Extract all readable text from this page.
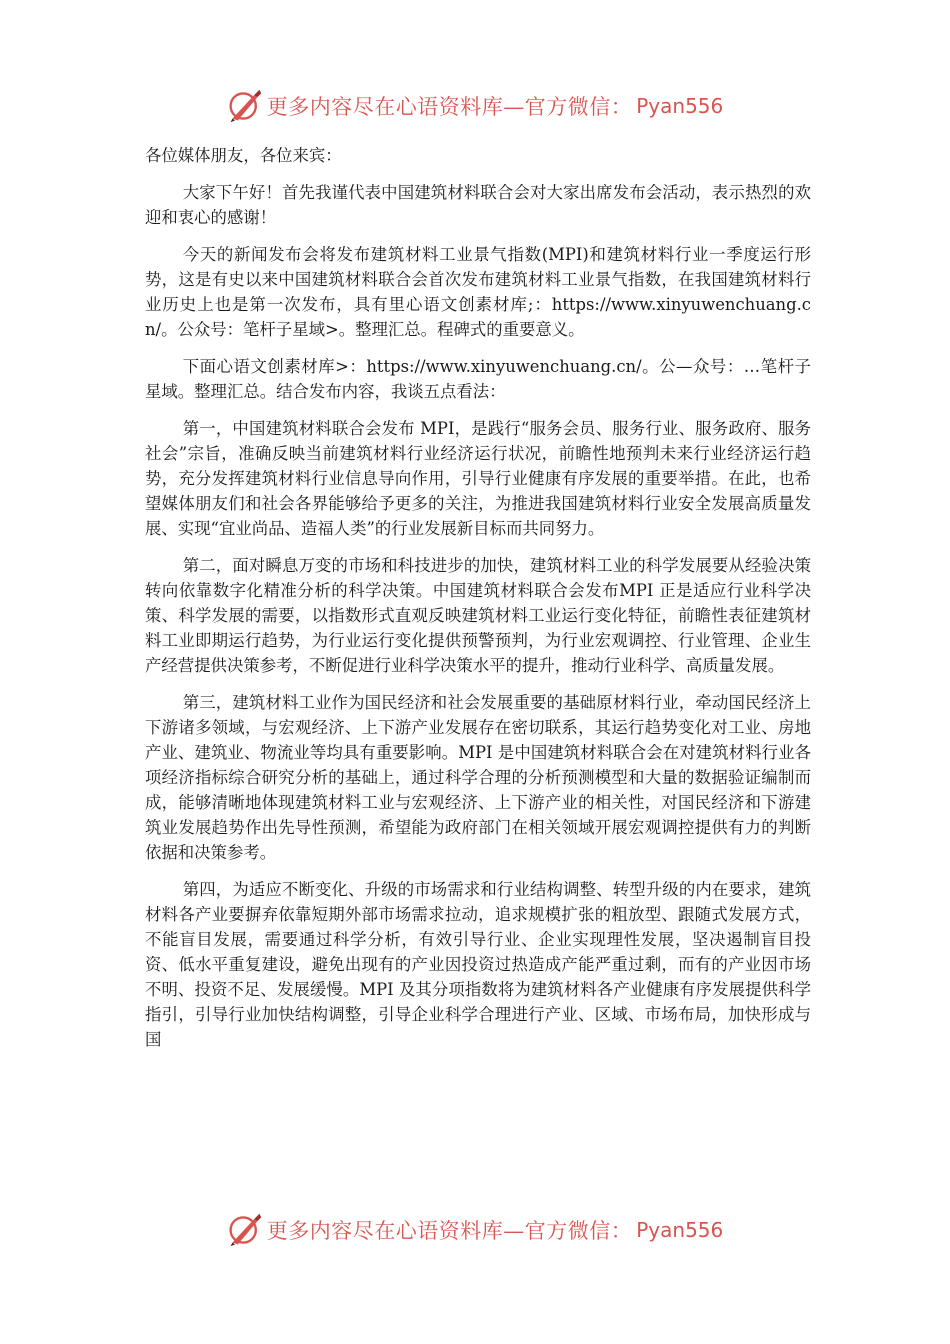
更多内容尽在心语资料库—官方微信： Pyan556

各位媒体朋友，各位来宾：

大家下午好！首先我谨代表中国建筑材料联合会对大家出席发布会活动，表示热烈的欢迎和衷心的感谢！

今天的新闻发布会将发布建筑材料工业景气指数(MPI)和建筑材料行业一季度运行形势，这是有史以来中国建筑材料联合会首次发布建筑材料工业景气指数，在我国建筑材料行业历史上也是第一次发布，具有里心语文创素材库;：https://www.xinyuwenchuang.cn/。公众号：笔杆子星域>。整理汇总。程碑式的重要意义。

下面心语文创素材库>：https://www.xinyuwenchuang.cn/。公—众号：…笔杆子星域。整理汇总。结合发布内容，我谈五点看法：

第一，中国建筑材料联合会发布 MPI，是践行“服务会员、服务行业、服务政府、服务社会”宗旨，准确反映当前建筑材料行业经济运行状况，前瞻性地预判未来行业经济运行趋势，充分发挥建筑材料行业信息导向作用，引导行业健康有序发展的重要举措。在此，也希望媒体朋友们和社会各界能够给予更多的关注，为推进我国建筑材料行业安全发展高质量发展、实现“宜业尚品、造福人类”的行业发展新目标而共同努力。

第二，面对瞬息万变的市场和科技进步的加快，建筑材料工业的科学发展要从经验决策转向依靠数字化精准分析的科学决策。中国建筑材料联合会发布MPI 正是适应行业科学决策、科学发展的需要，以指数形式直观反映建筑材料工业运行变化特征，前瞻性表征建筑材料工业即期运行趋势，为行业运行变化提供预警预判，为行业宏观调控、行业管理、企业生产经营提供决策参考，不断促进行业科学决策水平的提升，推动行业科学、高质量发展。

第三，建筑材料工业作为国民经济和社会发展重要的基础原材料行业，牵动国民经济上下游诸多领域，与宏观经济、上下游产业发展存在密切联系，其运行趋势变化对工业、房地产业、建筑业、物流业等均具有重要影响。MPI 是中国建筑材料联合会在对建筑材料行业各项经济指标综合研究分析的基础上，通过科学合理的分析预测模型和大量的数据验证编制而成，能够清晰地体现建筑材料工业与宏观经济、上下游产业的相关性，对国民经济和下游建筑业发展趋势作出先导性预测，希望能为政府部门在相关领域开展宏观调控提供有力的判断依据和决策参考。

第四，为适应不断变化、升级的市场需求和行业结构调整、转型升级的内在要求，建筑材料各产业要摒弃依靠短期外部市场需求拉动，追求规模扩张的粗放型、跟随式发展方式，不能盲目发展，需要通过科学分析，有效引导行业、企业实现理性发展，坚决遏制盲目投资、低水平重复建设，避免出现有的产业因投资过热造成产能严重过剩，而有的产业因市场不明、投资不足、发展缓慢。MPI 及其分项指数将为建筑材料各产业健康有序发展提供科学指引，引导行业加快结构调整，引导企业科学合理进行产业、区域、市场布局，加快形成与国

更多内容尽在心语资料库—官方微信： Pyan556
